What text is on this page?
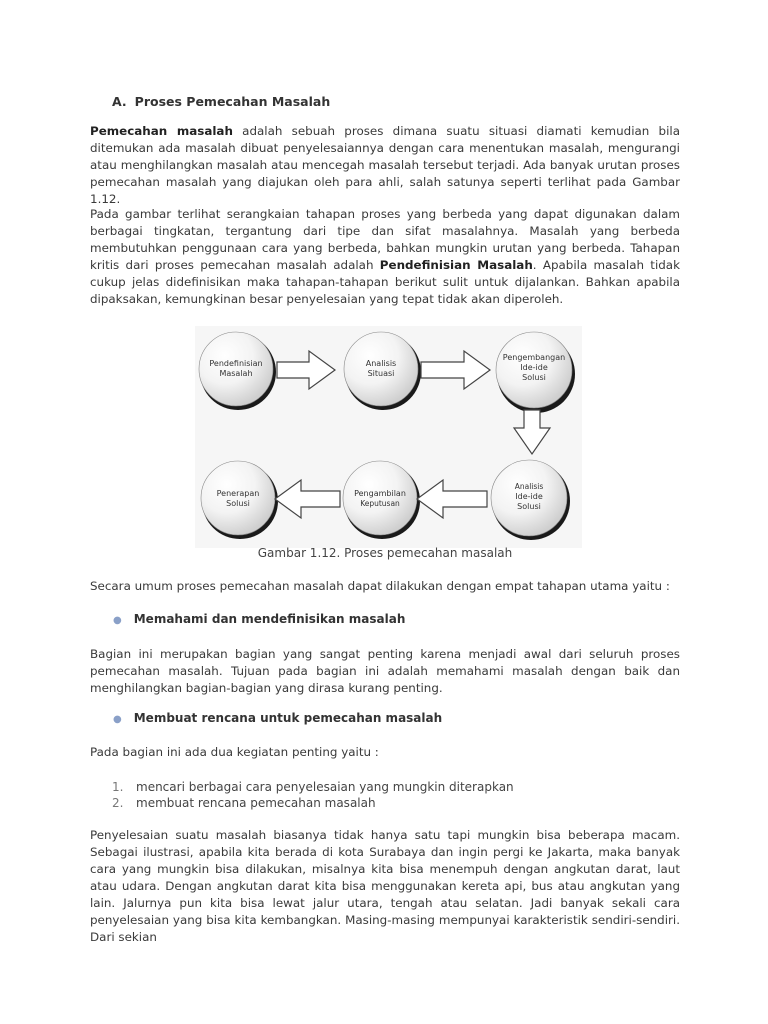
A. Proses Pemecahan Masalah

Pemecahan masalah adalah sebuah proses dimana suatu situasi diamati kemudian bila ditemukan ada masalah dibuat penyelesaiannya dengan cara menentukan masalah, mengurangi atau menghilangkan masalah atau mencegah masalah tersebut terjadi. Ada banyak urutan proses pemecahan masalah yang diajukan oleh para ahli, salah satunya seperti terlihat pada Gambar 1.12.

Pada gambar terlihat serangkaian tahapan proses yang berbeda yang dapat digunakan dalam berbagai tingkatan, tergantung dari tipe dan sifat masalahnya. Masalah yang berbeda membutuhkan penggunaan cara yang berbeda, bahkan mungkin urutan yang berbeda. Tahapan kritis dari proses pemecahan masalah adalah Pendefinisian Masalah. Apabila masalah tidak cukup jelas didefinisikan maka tahapan-tahapan berikut sulit untuk dijalankan. Bahkan apabila dipaksakan, kemungkinan besar penyelesaian yang tepat tidak akan diperoleh.

Pendefinisian
Masalah
Analisis
Situasi
Pengembangan
Ide-ide
Solusi
Penerapan
Solusi
Pengambilan
Keputusan
Analisis
Ide-ide
Solusi
Gambar 1.12. Proses pemecahan masalah

Secara umum proses pemecahan masalah dapat dilakukan dengan empat tahapan utama yaitu :

● Memahami dan mendefinisikan masalah

Bagian ini merupakan bagian yang sangat penting karena menjadi awal dari seluruh proses pemecahan masalah. Tujuan pada bagian ini adalah memahami masalah dengan baik dan menghilangkan bagian-bagian yang dirasa kurang penting.

● Membuat rencana untuk pemecahan masalah

Pada bagian ini ada dua kegiatan penting yaitu :

1. mencari berbagai cara penyelesaian yang mungkin diterapkan
2. membuat rencana pemecahan masalah

Penyelesaian suatu masalah biasanya tidak hanya satu tapi mungkin bisa beberapa macam. Sebagai ilustrasi, apabila kita berada di kota Surabaya dan ingin pergi ke Jakarta, maka banyak cara yang mungkin bisa dilakukan, misalnya kita bisa menempuh dengan angkutan darat, laut atau udara. Dengan angkutan darat kita bisa menggunakan kereta api, bus atau angkutan yang lain. Jalurnya pun kita bisa lewat jalur utara, tengah atau selatan. Jadi banyak sekali cara penyelesaian yang bisa kita kembangkan. Masing-masing mempunyai karakteristik sendiri-sendiri. Dari sekian
